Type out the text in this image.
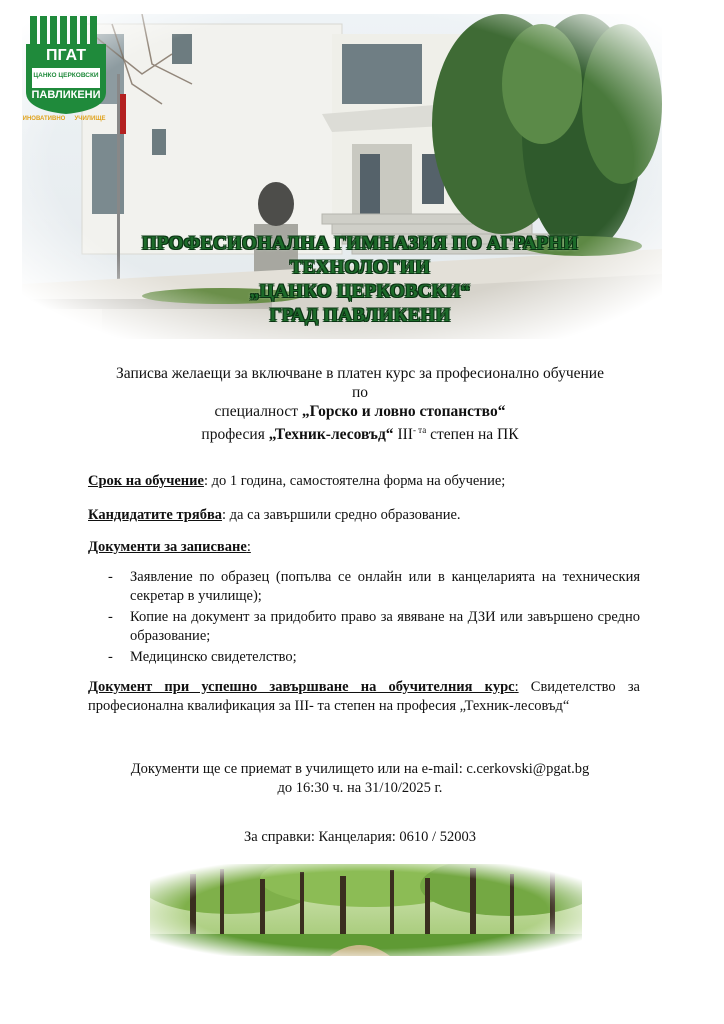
ПГАТ
ЦАНКО ЦЕРКОВСКИ
ПАВЛИКЕНИ
ИНОВАТИВНО УЧИЛИЩЕ
ПРОФЕСИОНАЛНА ГИМНАЗИЯ ПО АГРАРНИ
ТЕХНОЛОГИИ
„ЦАНКО ЦЕРКОВСКИ“
ГРАД ПАВЛИКЕНИ
Записва желаещи за включване в платен курс за професионално обучение
по
специалност „Горско и ловно стопанство“
професия „Техник-лесовъд“ $III^{- та}$ степен на ПК
Срок на обучение: до 1 година, самостоятелна форма на обучение;
Кандидатите трябва: да са завършили средно образование.
Документи за записване:
- Заявление по образец (попълва се онлайн или в канцеларията на техническия секретар в училище);
- Копие на документ за придобито право за явяване на ДЗИ или завършено средно образование;
- Медицинско свидетелство;
Документ при успешно завършване на обучителния курс: Свидетелство за професионална квалификация за III- та степен на професия „Техник-лесовъд“
Документи ще се приемат в училището или на e-mail: c.cerkovski@pgat.bg
до 16:30 ч. на 31/10/2025 г.
За справки: Канцелария: 0610 / 52003
